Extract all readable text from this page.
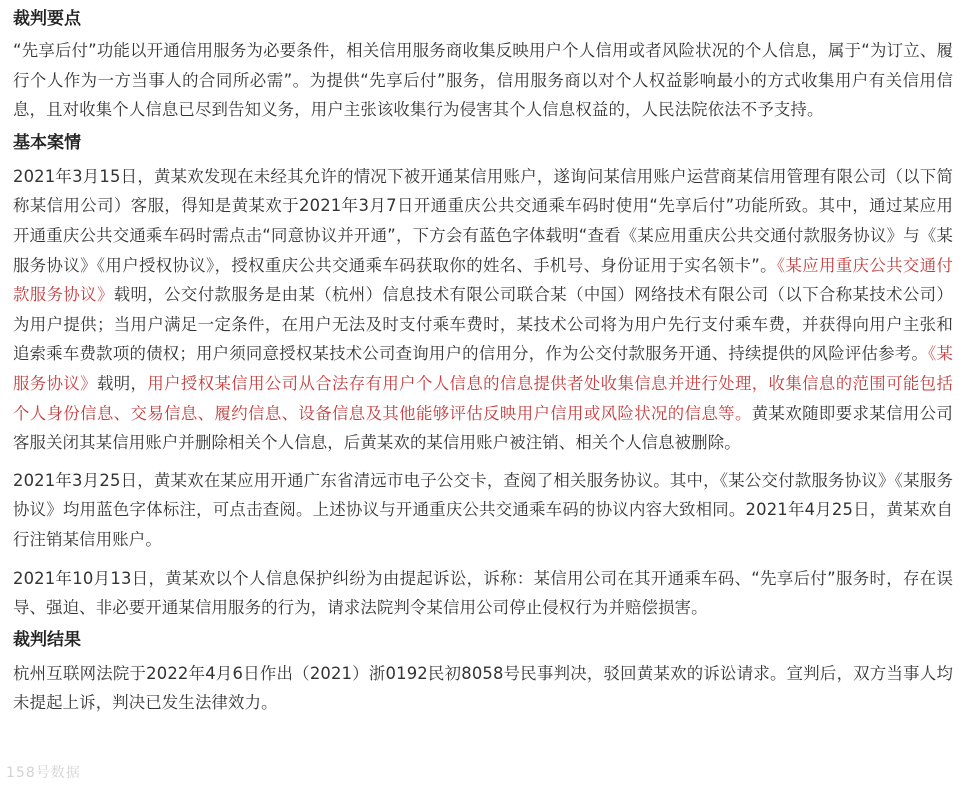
裁判要点

“先享后付”功能以开通信用服务为必要条件，相关信用服务商收集反映用户个人信用或者风险状况的个人信息，属于“为订立、履行个人作为一方当事人的合同所必需”。为提供“先享后付”服务，信用服务商以对个人权益影响最小的方式收集用户有关信用信息，且对收集个人信息已尽到告知义务，用户主张该收集行为侵害其个人信息权益的，人民法院依法不予支持。

基本案情

2021年3月15日，黄某欢发现在未经其允许的情况下被开通某信用账户，遂询问某信用账户运营商某信用管理有限公司（以下简称某信用公司）客服，得知是黄某欢于2021年3月7日开通重庆公共交通乘车码时使用“先享后付”功能所致。其中，通过某应用开通重庆公共交通乘车码时需点击“同意协议并开通”，下方会有蓝色字体载明“查看《某应用重庆公共交通付款服务协议》与《某服务协议》《用户授权协议》，授权重庆公共交通乘车码获取你的姓名、手机号、身份证用于实名领卡”。《某应用重庆公共交通付款服务协议》载明，公交付款服务是由某（杭州）信息技术有限公司联合某（中国）网络技术有限公司（以下合称某技术公司）为用户提供；当用户满足一定条件，在用户无法及时支付乘车费时，某技术公司将为用户先行支付乘车费，并获得向用户主张和追索乘车费款项的债权；用户须同意授权某技术公司查询用户的信用分，作为公交付款服务开通、持续提供的风险评估参考。《某服务协议》载明，用户授权某信用公司从合法存有用户个人信息的信息提供者处收集信息并进行处理，收集信息的范围可能包括个人身份信息、交易信息、履约信息、设备信息及其他能够评估反映用户信用或风险状况的信息等。黄某欢随即要求某信用公司客服关闭其某信用账户并删除相关个人信息，后黄某欢的某信用账户被注销、相关个人信息被删除。

2021年3月25日，黄某欢在某应用开通广东省清远市电子公交卡，查阅了相关服务协议。其中，《某公交付款服务协议》《某服务协议》均用蓝色字体标注，可点击查阅。上述协议与开通重庆公共交通乘车码的协议内容大致相同。2021年4月25日，黄某欢自行注销某信用账户。

2021年10月13日，黄某欢以个人信息保护纠纷为由提起诉讼，诉称：某信用公司在其开通乘车码、“先享后付”服务时，存在误导、强迫、非必要开通某信用服务的行为，请求法院判令某信用公司停止侵权行为并赔偿损害。

裁判结果

杭州互联网法院于2022年4月6日作出（2021）浙0192民初8058号民事判决，驳回黄某欢的诉讼请求。宣判后，双方当事人均未提起上诉，判决已发生法律效力。

158号数据
